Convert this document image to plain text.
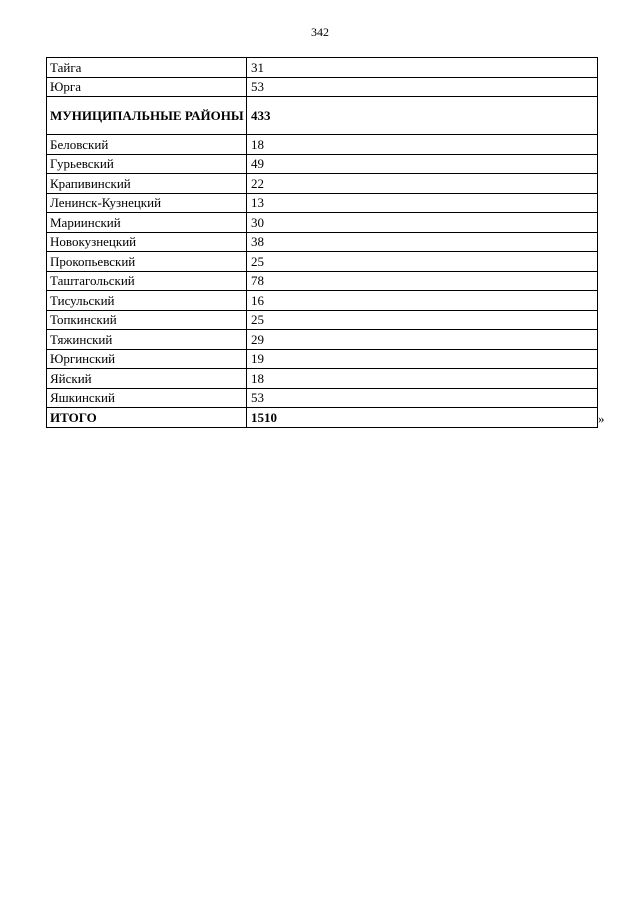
342
Тайга	31
Юрга	53
МУНИЦИПАЛЬНЫЕ РАЙОНЫ	433
Беловский	18
Гурьевский	49
Крапивинский	22
Ленинск-Кузнецкий	13
Мариинский	30
Новокузнецкий	38
Прокопьевский	25
Таштагольский	78
Тисульский	16
Топкинский	25
Тяжинский	29
Юргинский	19
Яйский	18
Яшкинский	53
ИТОГО	1510	»
